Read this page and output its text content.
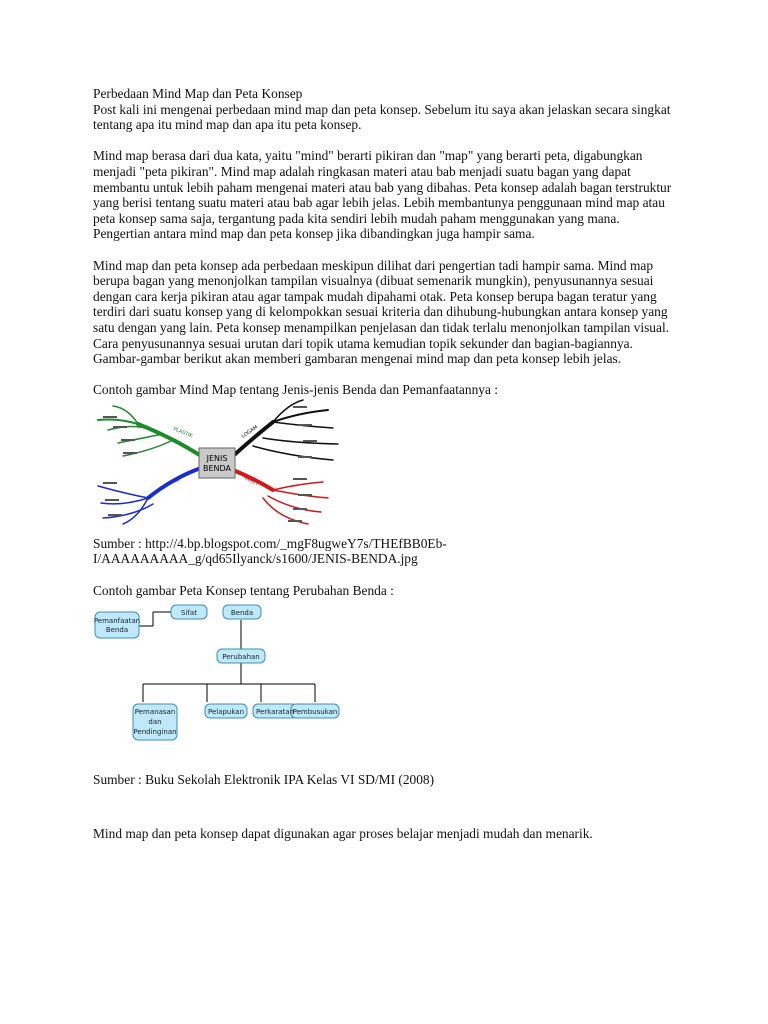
Perbedaan Mind Map dan Peta Konsep

Post kali ini mengenai perbedaan mind map dan peta konsep. Sebelum itu saya akan jelaskan secara singkat tentang apa itu mind map dan apa itu peta konsep.

Mind map berasa dari dua kata, yaitu "mind" berarti pikiran dan "map" yang berarti peta, digabungkan menjadi "peta pikiran". Mind map adalah ringkasan materi atau bab menjadi suatu bagan yang dapat membantu untuk lebih paham mengenai materi atau bab yang dibahas. Peta konsep adalah bagan terstruktur yang berisi tentang suatu materi atau bab agar lebih jelas. Lebih membantunya penggunaan mind map atau peta konsep sama saja, tergantung pada kita sendiri lebih mudah paham menggunakan yang mana. Pengertian antara mind map dan peta konsep jika dibandingkan juga hampir sama.

Mind map dan peta konsep ada perbedaan meskipun dilihat dari pengertian tadi hampir sama. Mind map berupa bagan yang menonjolkan tampilan visualnya (dibuat semenarik mungkin), penyusunannya sesuai dengan cara kerja pikiran atau agar tampak mudah dipahami otak. Peta konsep berupa bagan teratur yang terdiri dari suatu konsep yang di kelompokkan sesuai kriteria dan dihubung-hubungkan antara konsep yang satu dengan yang lain. Peta konsep menampilkan penjelasan dan tidak terlalu menonjolkan tampilan visual. Cara penyusunannya sesuai urutan dari topik utama kemudian topik sekunder dan bagian-bagiannya. Gambar-gambar berikut akan memberi gambaran mengenai mind map dan peta konsep lebih jelas.

Contoh gambar Mind Map tentang Jenis-jenis Benda dan Pemanfaatannya :

JENIS
BENDA
PLASTIK	LOGAM
KAYU	KARET

Sumber : http://4.bp.blogspot.com/_mgF8ugweY7s/THEfBB0Eb-I/AAAAAAAAA_g/qd65Ilyanck/s1600/JENIS-BENDA.jpg

Contoh gambar Peta Konsep tentang Perubahan Benda :

Pemanfaatan
Benda
Sifat	Benda
Perubahan
Pemanasan
dan
Pendinginan
Pelapukan Perkaratan
Pembusukan

Sumber : Buku Sekolah Elektronik IPA Kelas VI SD/MI (2008)

Mind map dan peta konsep dapat digunakan agar proses belajar menjadi mudah dan menarik.
